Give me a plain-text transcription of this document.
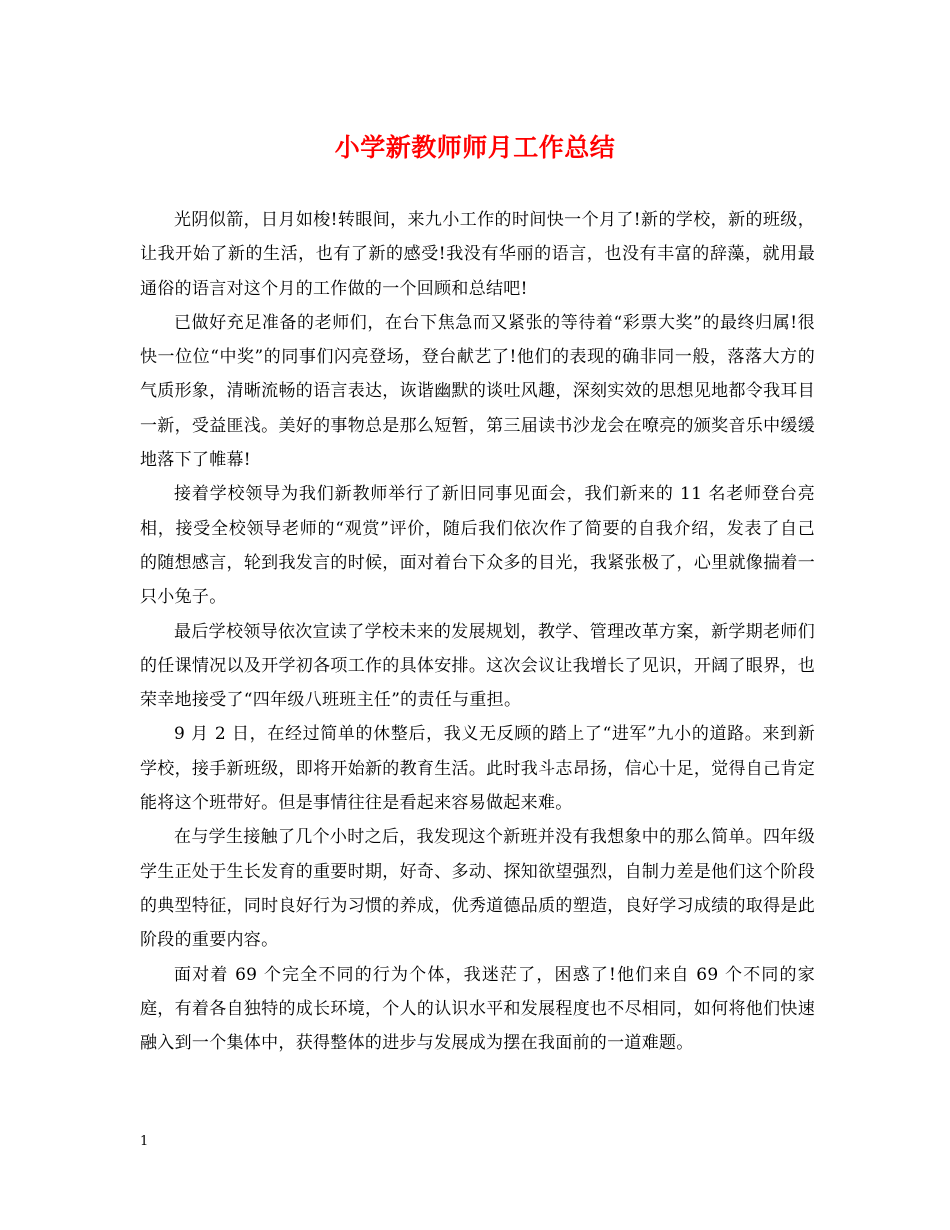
小学新教师师月工作总结

光阴似箭，日月如梭!转眼间，来九小工作的时间快一个月了!新的学校，新的班级，让我开始了新的生活，也有了新的感受!我没有华丽的语言，也没有丰富的辞藻，就用最通俗的语言对这个月的工作做的一个回顾和总结吧!

已做好充足准备的老师们，在台下焦急而又紧张的等待着“彩票大奖”的最终归属!很快一位位“中奖”的同事们闪亮登场，登台献艺了!他们的表现的确非同一般，落落大方的气质形象，清晰流畅的语言表达，诙谐幽默的谈吐风趣，深刻实效的思想见地都令我耳目一新，受益匪浅。美好的事物总是那么短暂，第三届读书沙龙会在嘹亮的颁奖音乐中缓缓地落下了帷幕!

接着学校领导为我们新教师举行了新旧同事见面会，我们新来的 11 名老师登台亮相，接受全校领导老师的“观赏”评价，随后我们依次作了简要的自我介绍，发表了自己的随想感言，轮到我发言的时候，面对着台下众多的目光，我紧张极了，心里就像揣着一只小兔子。

最后学校领导依次宣读了学校未来的发展规划，教学、管理改革方案，新学期老师们的任课情况以及开学初各项工作的具体安排。这次会议让我增长了见识，开阔了眼界，也荣幸地接受了“四年级八班班主任”的责任与重担。

9 月 2 日，在经过简单的休整后，我义无反顾的踏上了“进军”九小的道路。来到新学校，接手新班级，即将开始新的教育生活。此时我斗志昂扬，信心十足，觉得自己肯定能将这个班带好。但是事情往往是看起来容易做起来难。

在与学生接触了几个小时之后，我发现这个新班并没有我想象中的那么简单。四年级学生正处于生长发育的重要时期，好奇、多动、探知欲望强烈，自制力差是他们这个阶段的典型特征，同时良好行为习惯的养成，优秀道德品质的塑造，良好学习成绩的取得是此阶段的重要内容。

面对着 69 个完全不同的行为个体，我迷茫了，困惑了!他们来自 69 个不同的家庭，有着各自独特的成长环境，个人的认识水平和发展程度也不尽相同，如何将他们快速融入到一个集体中，获得整体的进步与发展成为摆在我面前的一道难题。

1
